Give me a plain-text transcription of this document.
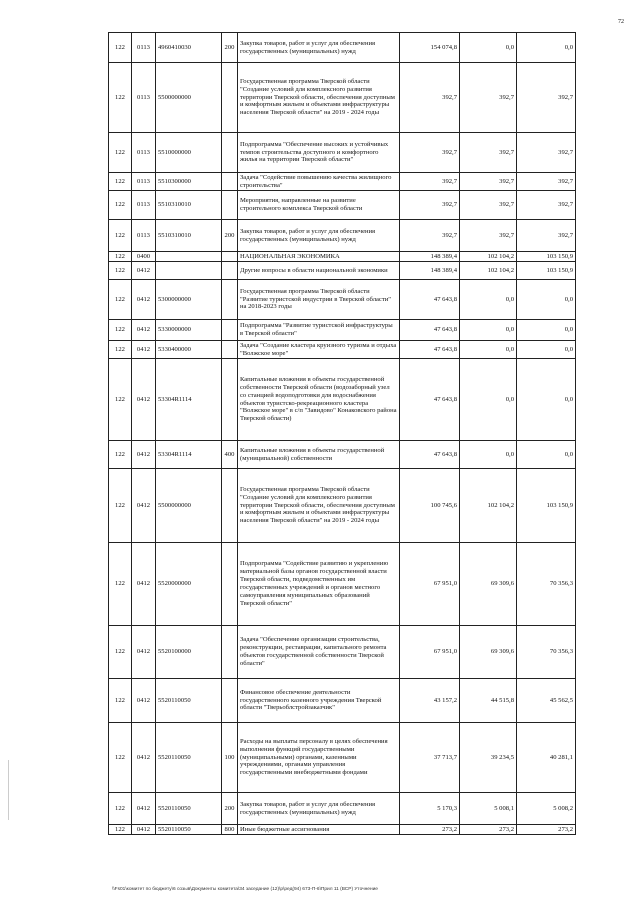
72
122	0113	4960410030	200	Закупка товаров, работ и услуг для обеспечения государственных (муниципальных) нужд	154 074,8	0,0	0,0
122	0113	5500000000		Государственная программа Тверской области "Создание условий для комплексного развития территории Тверской области, обеспечения доступным и комфортным жильем и объектами инфраструктуры населения Тверской области" на 2019 - 2024 годы	392,7	392,7	392,7
122	0113	5510000000		Подпрограмма "Обеспечение высоких и устойчивых темпов строительства доступного и комфортного жилья на территории Тверской области"	392,7	392,7	392,7
122	0113	5510300000		Задача "Содействие повышению качества жилищного строительства"	392,7	392,7	392,7
122	0113	5510310010		Мероприятия, направленные на развитие строительного комплекса Тверской области	392,7	392,7	392,7
122	0113	5510310010	200	Закупка товаров, работ и услуг для обеспечения государственных (муниципальных) нужд	392,7	392,7	392,7
122	0400			НАЦИОНАЛЬНАЯ ЭКОНОМИКА	148 389,4	102 104,2	103 150,9
122	0412			Другие вопросы в области национальной экономики	148 389,4	102 104,2	103 150,9
122	0412	5300000000		Государственная программа Тверской области "Развитие туристской индустрии в Тверской области" на 2018-2023 годы	47 643,8	0,0	0,0
122	0412	5330000000		Подпрограмма "Развитие туристской инфраструктуры в Тверской области"	47 643,8	0,0	0,0
122	0412	5330400000		Задача "Создание кластера круизного туризма и отдыха "Волжское море"	47 643,8	0,0	0,0
122	0412	53304R1114		Капитальные вложения в объекты государственной собственности Тверской области (водозаборный узел со станцией водоподготовки для водоснабжения объектов туристско-рекреационного кластера "Волжское море" в с/п "Завидово" Конаковского района Тверской области)	47 643,8	0,0	0,0
122	0412	53304R1114	400	Капитальные вложения в объекты государственной (муниципальной) собственности	47 643,8	0,0	0,0
122	0412	5500000000		Государственная программа Тверской области "Создание условий для комплексного развития территории Тверской области, обеспечения доступным и комфортным жильем и объектами инфраструктуры населения Тверской области" на 2019 - 2024 годы	100 745,6	102 104,2	103 150,9
122	0412	5520000000		Подпрограмма "Содействие развитию и укреплению материальной базы органов государственной власти Тверской области, подведомственных им государственных учреждений и органов местного самоуправления муниципальных образований Тверской области"	67 951,0	69 309,6	70 356,3
122	0412	5520100000		Задача "Обеспечение организации строительства, реконструкции, реставрации, капитального ремонта объектов государственной собственности Тверской области"	67 951,0	69 309,6	70 356,3
122	0412	5520110050		Финансовое обеспечение деятельности государственного казенного учреждения Тверской области "Тверьоблстройзаказчик"	43 157,2	44 515,8	45 562,5
122	0412	5520110050	100	Расходы на выплаты персоналу в целях обеспечения выполнения функций государственными (муниципальными) органами, казенными учреждениями, органами управления государственными внебюджетными фондами	37 713,7	39 234,5	40 281,1
122	0412	5520110050	200	Закупка товаров, работ и услуг для обеспечения государственных (муниципальных) нужд	5 170,3	5 008,1	5 008,2
122	0412	5520110050	800	Иные бюджетные ассигнования	273,2	273,2	273,2
\\Fs01\комитет по бюджету\6 созыв\Документы комитета\34 заседание (12)\р\ред(94) 673-П-6\Прил 11 (ВСР) Уточнение
